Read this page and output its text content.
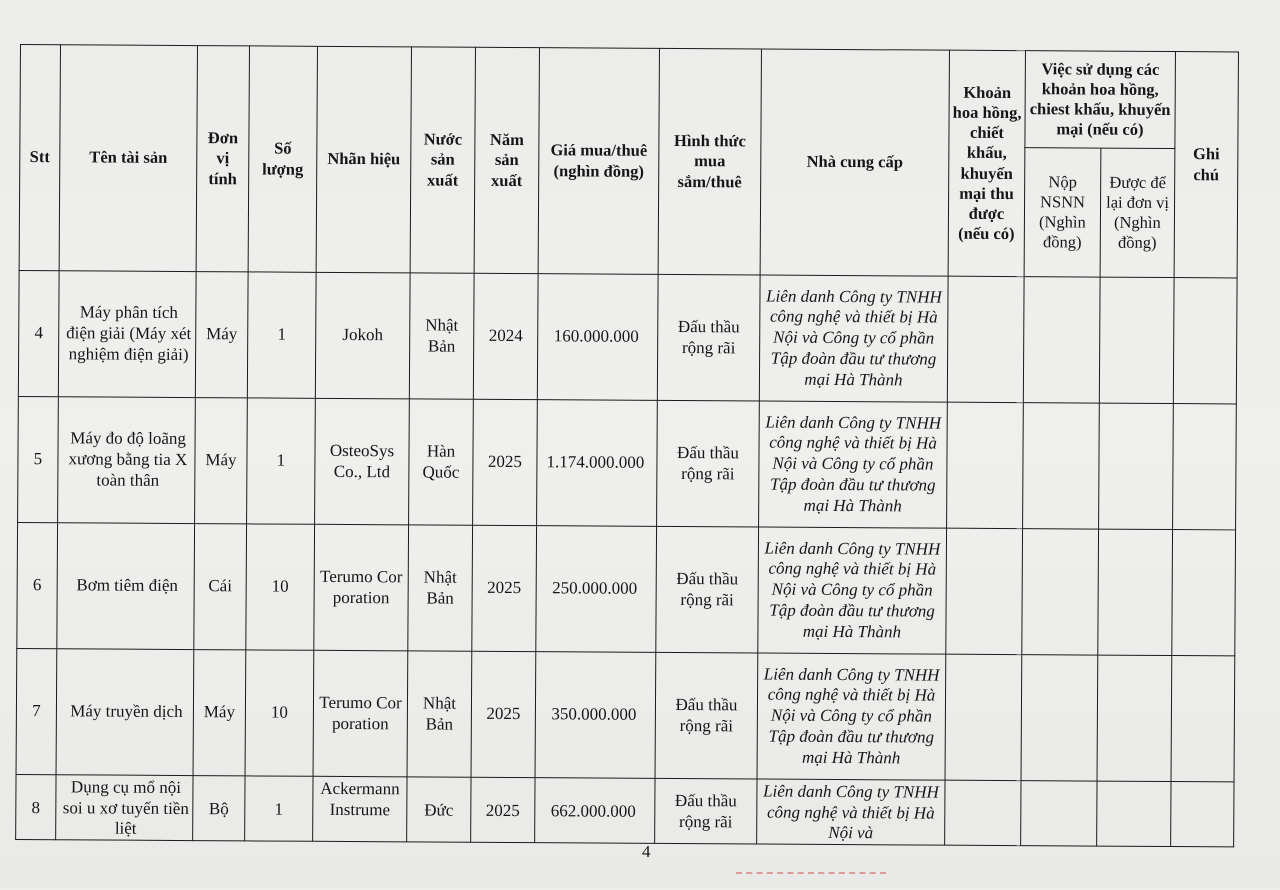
Stt	Tên tài sản	Đơn vị tính	Số lượng	Nhãn hiệu	Nước sản xuất	Năm sản xuất	Giá mua/thuê (nghìn đồng)	Hình thức mua sắm/thuê	Nhà cung cấp	Khoản hoa hồng, chiết khấu, khuyến mại thu được (nếu có)	Việc sử dụng các khoản hoa hồng, chiest khấu, khuyến mại (nếu có)		Ghi chú
											Nộp NSNN (Nghìn đồng)	Được để lại đơn vị (Nghìn đồng)	
4	Máy phân tích điện giải (Máy xét nghiệm điện giải)	Máy	1	Jokoh	Nhật Bản	2024	160.000.000	Đấu thầu rộng rãi	Liên danh Công ty TNHH công nghệ và thiết bị Hà Nội và Công ty cổ phần Tập đoàn đầu tư thương mại Hà Thành				
5	Máy đo độ loãng xương bằng tia X toàn thân	Máy	1	OsteoSys Co., Ltd	Hàn Quốc	2025	1.174.000.000	Đấu thầu rộng rãi	Liên danh Công ty TNHH công nghệ và thiết bị Hà Nội và Công ty cổ phần Tập đoàn đầu tư thương mại Hà Thành				
6	Bơm tiêm điện	Cái	10	Terumo Corporation	Nhật Bản	2025	250.000.000	Đấu thầu rộng rãi	Liên danh Công ty TNHH công nghệ và thiết bị Hà Nội và Công ty cổ phần Tập đoàn đầu tư thương mại Hà Thành				
7	Máy truyền dịch	Máy	10	Terumo Corporation	Nhật Bản	2025	350.000.000	Đấu thầu rộng rãi	Liên danh Công ty TNHH công nghệ và thiết bị Hà Nội và Công ty cổ phần Tập đoàn đầu tư thương mại Hà Thành				
8	Dụng cụ mổ nội soi u xơ tuyến tiền liệt	Bộ	1	Ackermann Instrume	Đức	2025	662.000.000	Đấu thầu rộng rãi	Liên danh Công ty TNHH công nghệ và thiết bị Hà Nội và				
4
